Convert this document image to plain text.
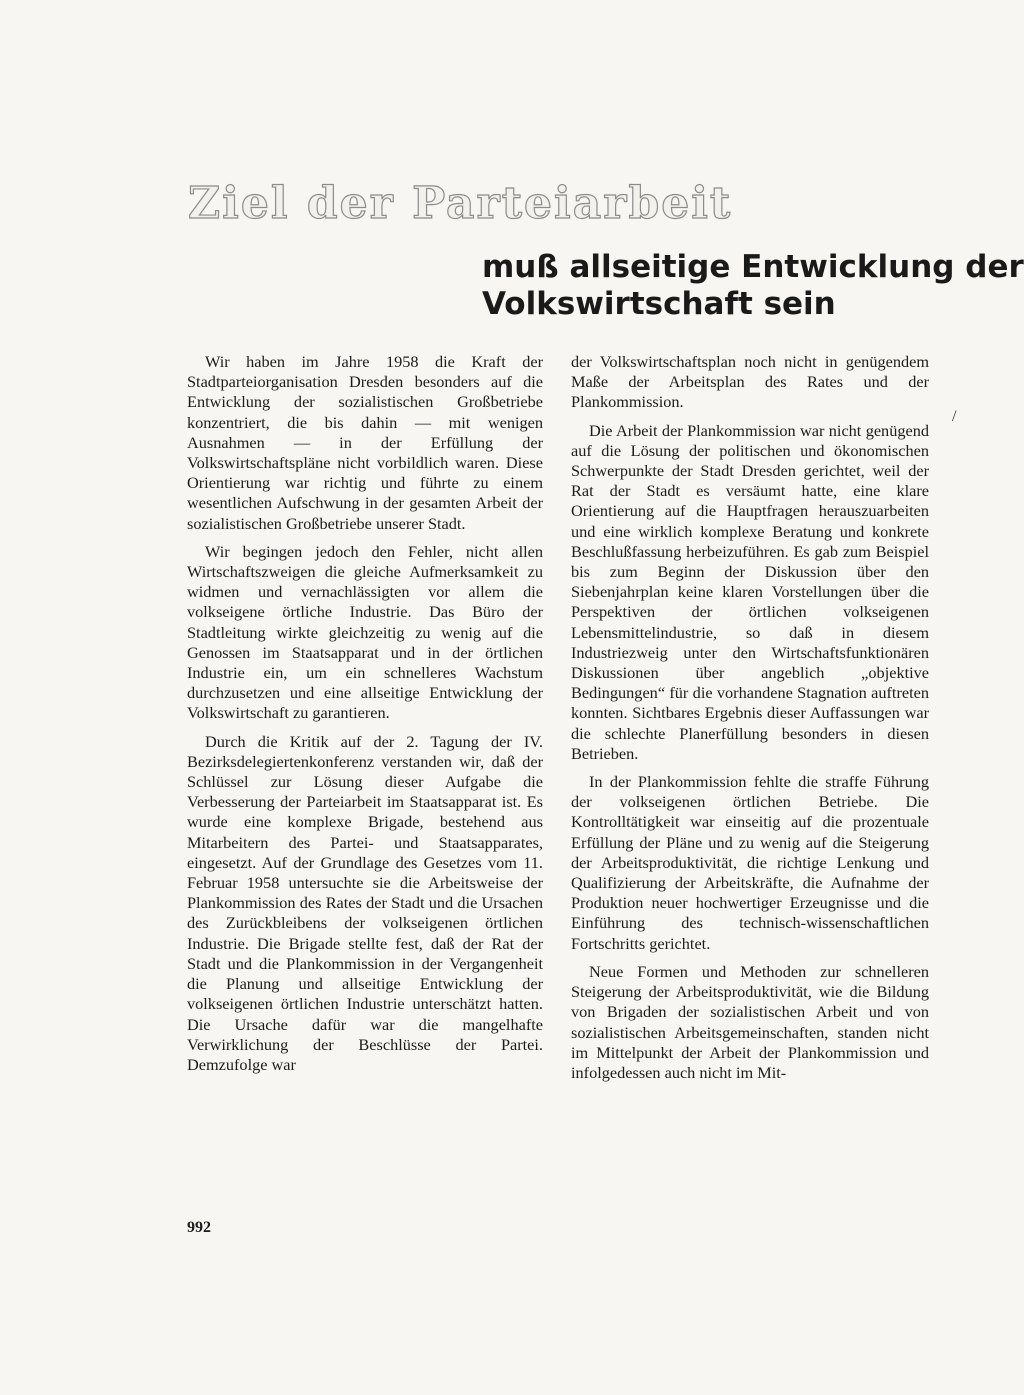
Ziel der Parteiarbeit
muß allseitige Entwicklung der
Volkswirtschaft sein

Wir haben im Jahre 1958 die Kraft der Stadtparteiorganisation Dresden besonders auf die Entwicklung der sozialistischen Großbetriebe konzentriert, die bis dahin — mit wenigen Ausnahmen — in der Erfüllung der Volkswirtschaftspläne nicht vorbildlich waren. Diese Orientierung war richtig und führte zu einem wesentlichen Aufschwung in der gesamten Arbeit der sozialistischen Großbetriebe unserer Stadt.

Wir begingen jedoch den Fehler, nicht allen Wirtschaftszweigen die gleiche Aufmerksamkeit zu widmen und vernachlässigten vor allem die volkseigene örtliche Industrie. Das Büro der Stadtleitung wirkte gleichzeitig zu wenig auf die Genossen im Staatsapparat und in der örtlichen Industrie ein, um ein schnelleres Wachstum durchzusetzen und eine allseitige Entwicklung der Volkswirtschaft zu garantieren.

Durch die Kritik auf der 2. Tagung der IV. Bezirksdelegiertenkonferenz verstanden wir, daß der Schlüssel zur Lösung dieser Aufgabe die Verbesserung der Parteiarbeit im Staatsapparat ist. Es wurde eine komplexe Brigade, bestehend aus Mitarbeitern des Partei- und Staatsapparates, eingesetzt. Auf der Grundlage des Gesetzes vom 11. Februar 1958 untersuchte sie die Arbeitsweise der Plankommission des Rates der Stadt und die Ursachen des Zurückbleibens der volkseigenen örtlichen Industrie. Die Brigade stellte fest, daß der Rat der Stadt und die Plankommission in der Vergangenheit die Planung und allseitige Entwicklung der volkseigenen örtlichen Industrie unterschätzt hatten. Die Ursache dafür war die mangelhafte Verwirklichung der Beschlüsse der Partei. Demzufolge war

der Volkswirtschaftsplan noch nicht in genügendem Maße der Arbeitsplan des Rates und der Plankommission.

Die Arbeit der Plankommission war nicht genügend auf die Lösung der politischen und ökonomischen Schwerpunkte der Stadt Dresden gerichtet, weil der Rat der Stadt es versäumt hatte, eine klare Orientierung auf die Hauptfragen herauszuarbeiten und eine wirklich komplexe Beratung und konkrete Beschlußfassung herbeizuführen. Es gab zum Beispiel bis zum Beginn der Diskussion über den Siebenjahrplan keine klaren Vorstellungen über die Perspektiven der örtlichen volkseigenen Lebensmittelindustrie, so daß in diesem Industriezweig unter den Wirtschaftsfunktionären Diskussionen über angeblich „objektive Bedingungen“ für die vorhandene Stagnation auftreten konnten. Sichtbares Ergebnis dieser Auffassungen war die schlechte Planerfüllung besonders in diesen Betrieben.

In der Plankommission fehlte die straffe Führung der volkseigenen örtlichen Betriebe. Die Kontrolltätigkeit war einseitig auf die prozentuale Erfüllung der Pläne und zu wenig auf die Steigerung der Arbeitsproduktivität, die richtige Lenkung und Qualifizierung der Arbeitskräfte, die Aufnahme der Produktion neuer hochwertiger Erzeugnisse und die Einführung des technisch-wissenschaftlichen Fortschritts gerichtet.

Neue Formen und Methoden zur schnelleren Steigerung der Arbeitsproduktivität, wie die Bildung von Brigaden der sozialistischen Arbeit und von sozialistischen Arbeitsgemeinschaften, standen nicht im Mittelpunkt der Arbeit der Plankommission und infolgedessen auch nicht im Mit-

/
992
